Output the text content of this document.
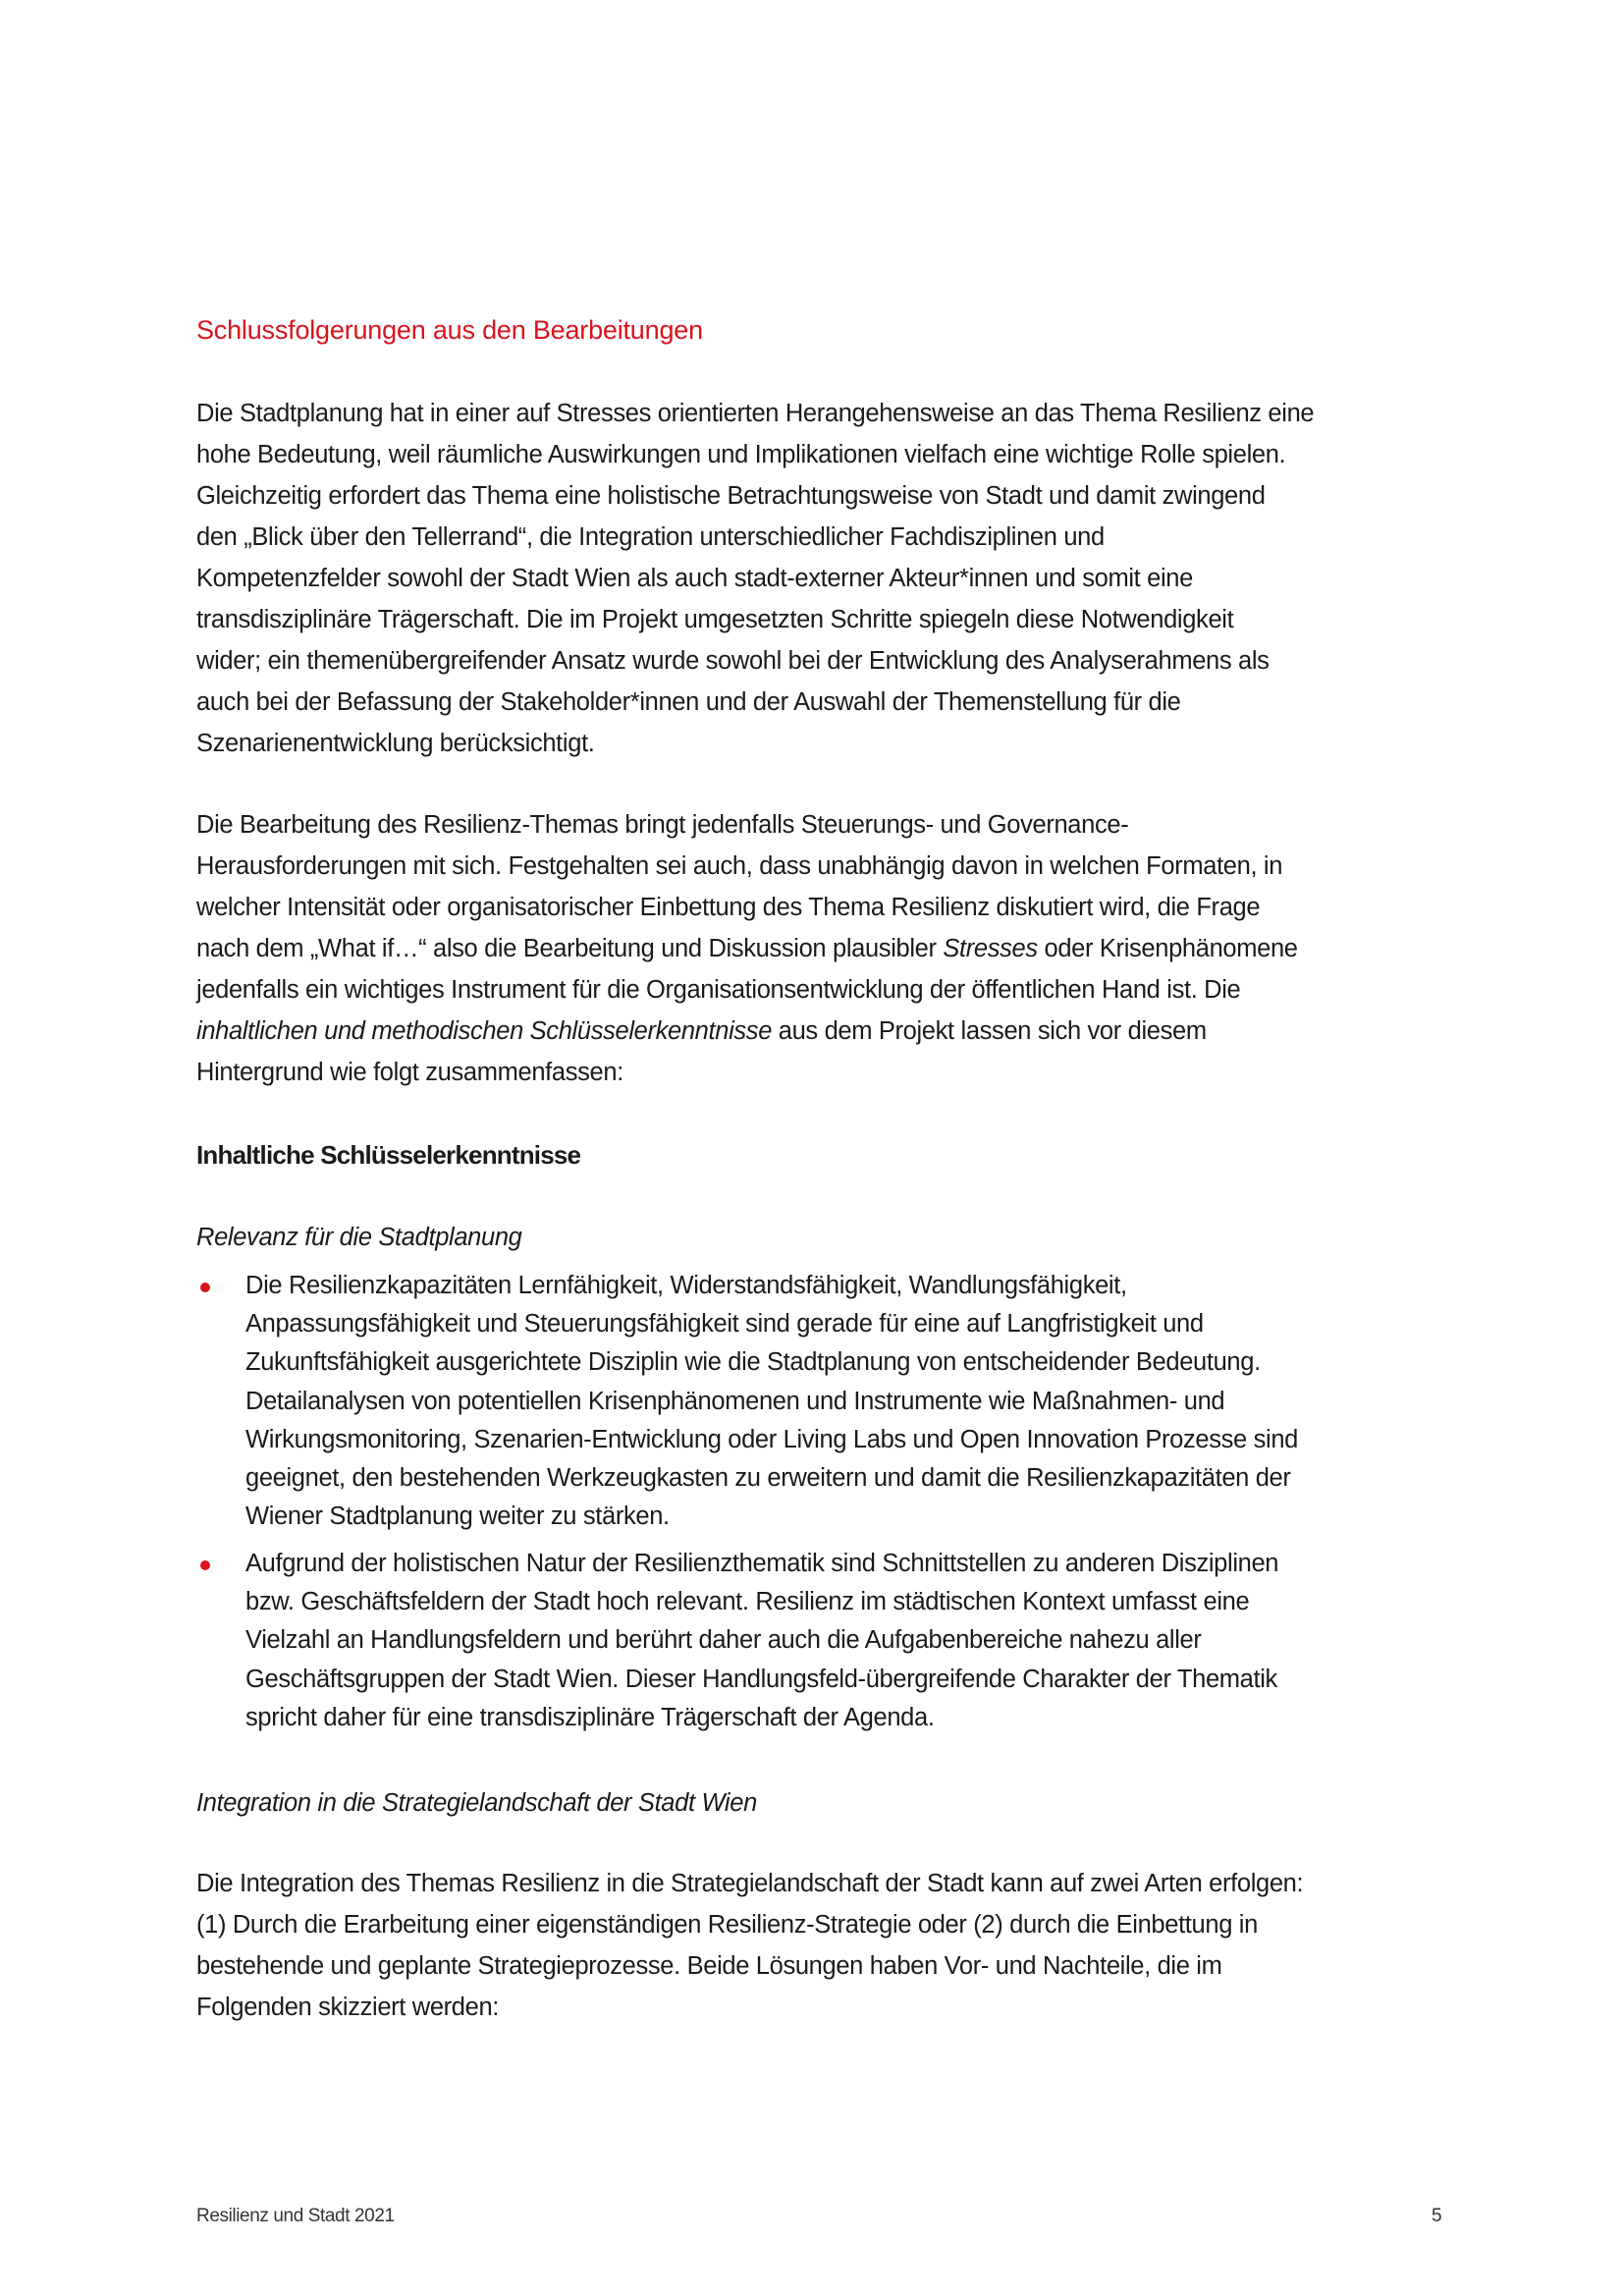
Schlussfolgerungen aus den Bearbeitungen
Die Stadtplanung hat in einer auf Stresses orientierten Herangehensweise an das Thema Resilienz eine
hohe Bedeutung, weil räumliche Auswirkungen und Implikationen vielfach eine wichtige Rolle spielen.
Gleichzeitig erfordert das Thema eine holistische Betrachtungsweise von Stadt und damit zwingend
den „Blick über den Tellerrand“, die Integration unterschiedlicher Fachdisziplinen und
Kompetenzfelder sowohl der Stadt Wien als auch stadt-externer Akteur*innen und somit eine
transdisziplinäre Trägerschaft. Die im Projekt umgesetzten Schritte spiegeln diese Notwendigkeit
wider; ein themenübergreifender Ansatz wurde sowohl bei der Entwicklung des Analyserahmens als
auch bei der Befassung der Stakeholder*innen und der Auswahl der Themenstellung für die
Szenarienentwicklung berücksichtigt.
Die Bearbeitung des Resilienz-Themas bringt jedenfalls Steuerungs- und Governance-
Herausforderungen mit sich. Festgehalten sei auch, dass unabhängig davon in welchen Formaten, in
welcher Intensität oder organisatorischer Einbettung des Thema Resilienz diskutiert wird, die Frage
nach dem „What if…“ also die Bearbeitung und Diskussion plausibler Stresses oder Krisenphänomene
jedenfalls ein wichtiges Instrument für die Organisationsentwicklung der öffentlichen Hand ist. Die
inhaltlichen und methodischen Schlüsselerkenntnisse aus dem Projekt lassen sich vor diesem
Hintergrund wie folgt zusammenfassen:
Inhaltliche Schlüsselerkenntnisse
Relevanz für die Stadtplanung
Die Resilienzkapazitäten Lernfähigkeit, Widerstandsfähigkeit, Wandlungsfähigkeit,
Anpassungsfähigkeit und Steuerungsfähigkeit sind gerade für eine auf Langfristigkeit und
Zukunftsfähigkeit ausgerichtete Disziplin wie die Stadtplanung von entscheidender Bedeutung.
Detailanalysen von potentiellen Krisenphänomenen und Instrumente wie Maßnahmen- und
Wirkungsmonitoring, Szenarien-Entwicklung oder Living Labs und Open Innovation Prozesse sind
geeignet, den bestehenden Werkzeugkasten zu erweitern und damit die Resilienzkapazitäten der
Wiener Stadtplanung weiter zu stärken.
Aufgrund der holistischen Natur der Resilienzthematik sind Schnittstellen zu anderen Disziplinen
bzw. Geschäftsfeldern der Stadt hoch relevant. Resilienz im städtischen Kontext umfasst eine
Vielzahl an Handlungsfeldern und berührt daher auch die Aufgabenbereiche nahezu aller
Geschäftsgruppen der Stadt Wien. Dieser Handlungsfeld-übergreifende Charakter der Thematik
spricht daher für eine transdisziplinäre Trägerschaft der Agenda.
Integration in die Strategielandschaft der Stadt Wien
Die Integration des Themas Resilienz in die Strategielandschaft der Stadt kann auf zwei Arten erfolgen:
(1) Durch die Erarbeitung einer eigenständigen Resilienz-Strategie oder (2) durch die Einbettung in
bestehende und geplante Strategieprozesse. Beide Lösungen haben Vor- und Nachteile, die im
Folgenden skizziert werden:
Resilienz und Stadt 2021	5
